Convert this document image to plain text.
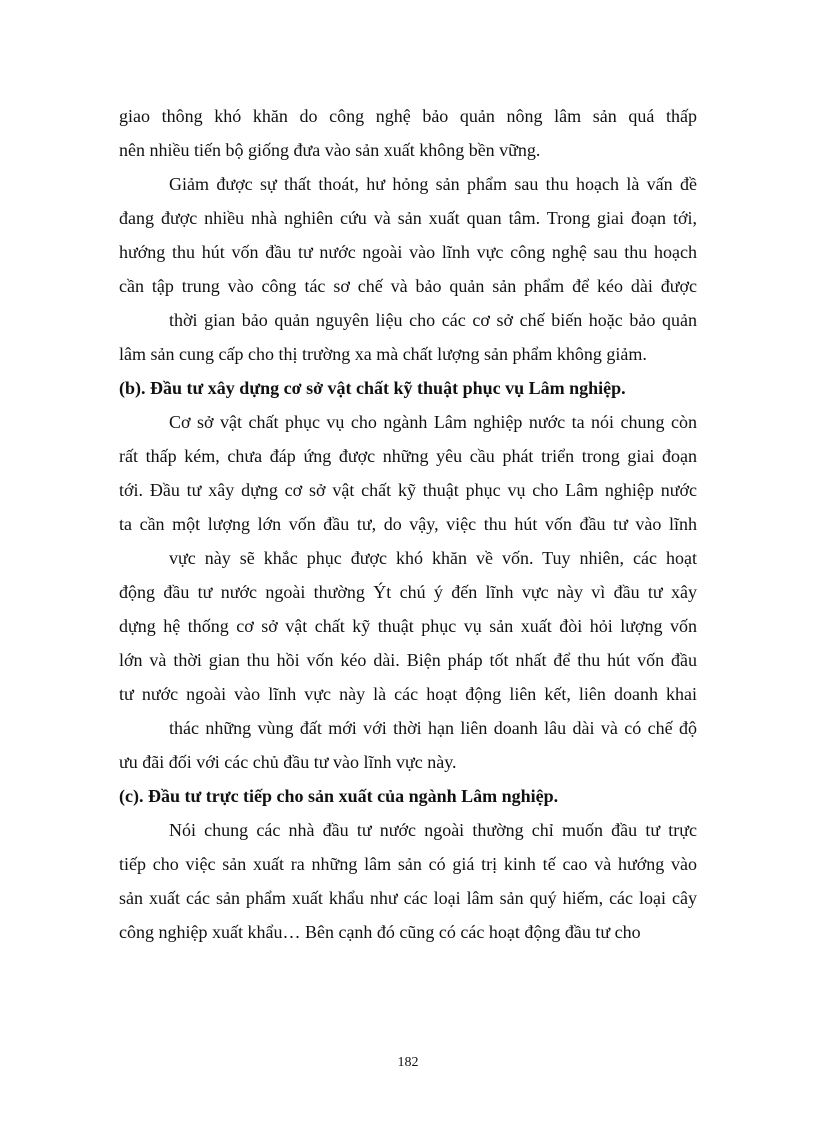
giao thông khó khăn do công nghệ bảo quản nông lâm sản quá thấp
nên nhiều tiến bộ giống đưa vào sản xuất không bền vững.
Giảm được sự thất thoát, hư hỏng sản phẩm sau thu hoạch là vấn đề
đang được nhiều nhà nghiên cứu và sản xuất quan tâm. Trong giai đoạn tới,
hướng thu hút vốn đầu tư nước ngoài vào lĩnh vực công nghệ sau thu hoạch
cần tập trung vào công tác sơ chế và bảo quản sản phẩm để kéo dài được
thời gian bảo quản nguyên liệu cho các cơ sở chế biến hoặc bảo quản
lâm sản cung cấp cho thị trường xa mà chất lượng sản phẩm không giảm.
(b). Đầu tư xây dựng cơ sở vật chất kỹ thuật phục vụ Lâm nghiệp.
Cơ sở vật chất phục vụ cho ngành Lâm nghiệp nước ta nói chung còn
rất thấp kém, chưa đáp ứng được những yêu cầu phát triển trong giai đoạn
tới. Đầu tư xây dựng cơ sở vật chất kỹ thuật phục vụ cho Lâm nghiệp nước
ta cần một lượng lớn vốn đầu tư, do vậy, việc thu hút vốn đầu tư vào lĩnh
vực này sẽ khắc phục được khó khăn về vốn. Tuy nhiên, các hoạt
động đầu tư nước ngoài thường Ýt chú ý đến lĩnh vực này vì đầu tư xây
dựng hệ thống cơ sở vật chất kỹ thuật phục vụ sản xuất đòi hỏi lượng vốn
lớn và thời gian thu hồi vốn kéo dài. Biện pháp tốt nhất để thu hút vốn đầu
tư nước ngoài vào lĩnh vực này là các hoạt động liên kết, liên doanh khai
thác những vùng đất mới với thời hạn liên doanh lâu dài và có chế độ
ưu đãi đối với các chủ đầu tư vào lĩnh vực này.
(c). Đầu tư trực tiếp cho sản xuất của ngành Lâm nghiệp.
Nói chung các nhà đầu tư nước ngoài thường chỉ muốn đầu tư trực
tiếp cho việc sản xuất ra những lâm sản có giá trị kinh tế cao và hướng vào
sản xuất các sản phẩm xuất khẩu như các loại lâm sản quý hiếm, các loại cây
công nghiệp xuất khẩu… Bên cạnh đó cũng có các hoạt động đầu tư cho
182
